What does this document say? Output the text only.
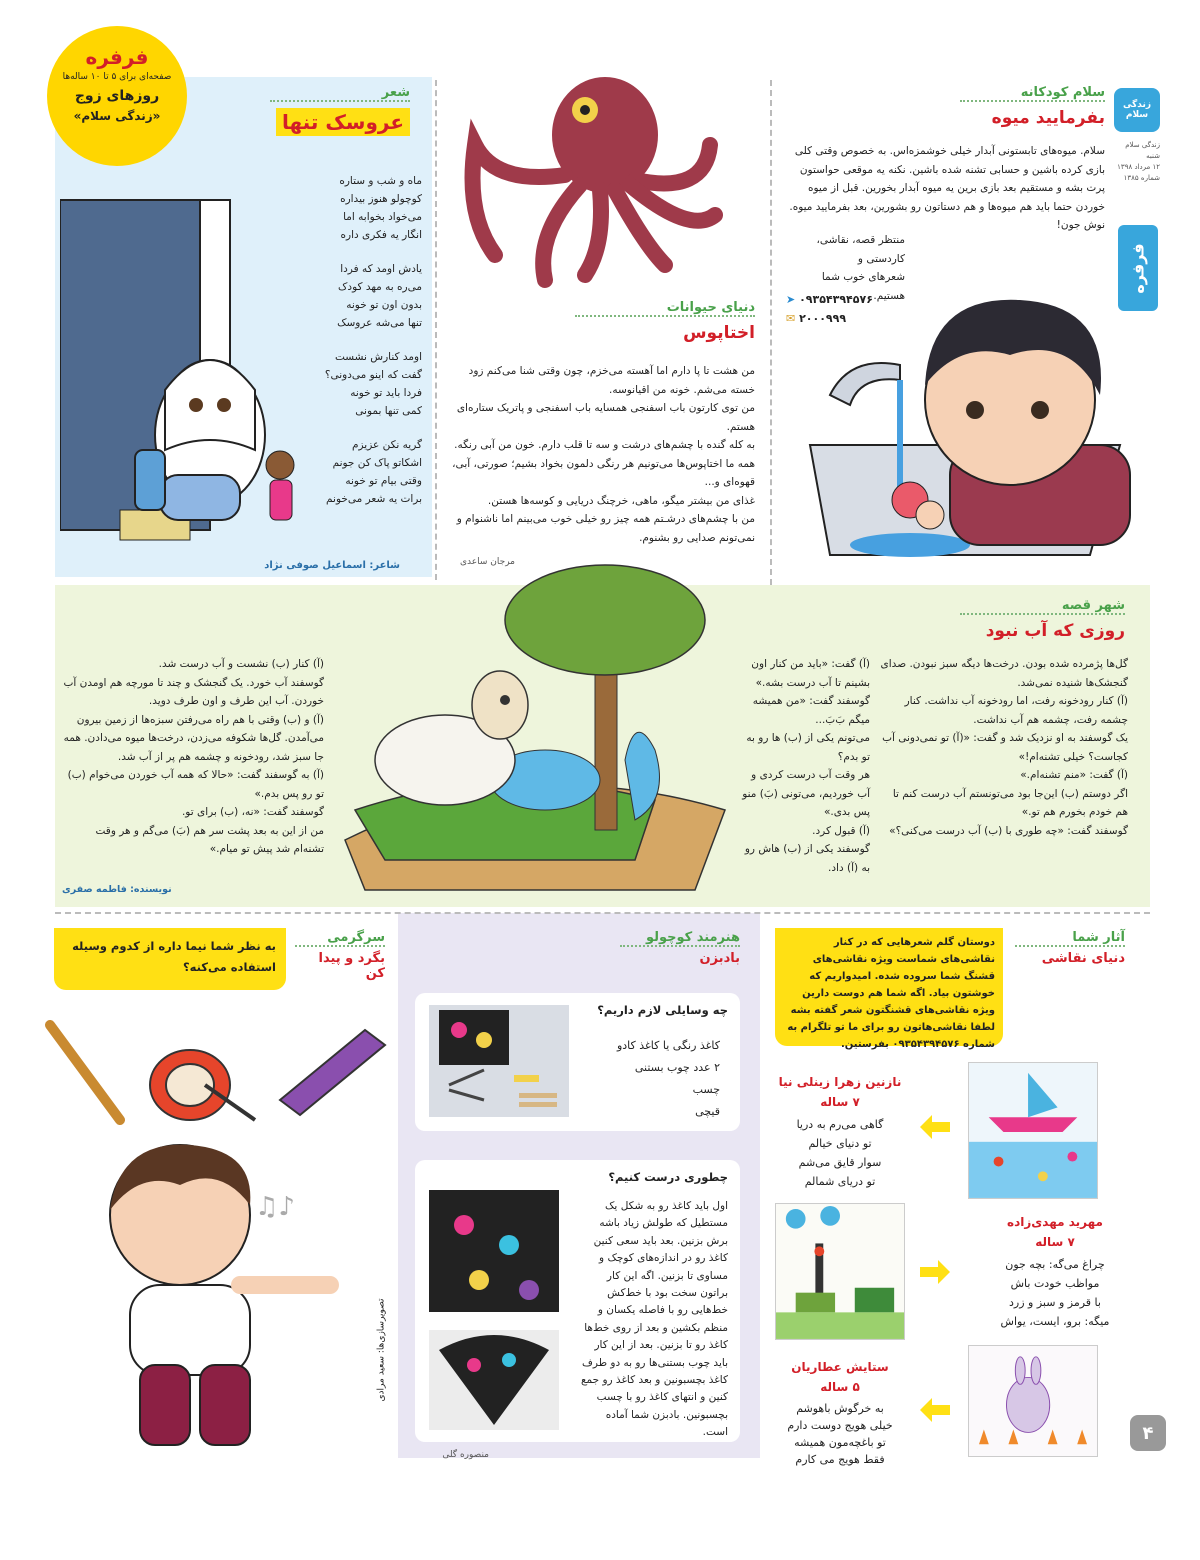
زندگی سلام
زندگی سلام
شنبه
۱۲ مرداد ۱۳۹۸
شماره ۱۳۸۵
فرفره
فرفره
صفحه‌ای برای ۵ تا ۱۰ ساله‌ها
روزهای زوج
«زندگی سلام»
شعر
عروسک تنها
ماه و شب و ستاره
کوچولو هنوز بیداره
می‌خواد بخوابه اما
انگار یه فکری داره
یادش اومد که فردا
می‌ره به مهد کودک
بدون اون تو خونه
تنها می‌شه عروسک
اومد کنارش نشست
گفت که اینو می‌دونی؟
فردا باید تو خونه
کمی تنها بمونی
گریه نکن عزیزم
اشکاتو پاک کن جونم
وقتی بیام تو خونه
برات یه شعر می‌خونم
شاعر: اسماعیل صوفی نژاد
دنیای حیوانات
اختاپوس
من هشت تا پا دارم اما آهسته می‌خزم، چون وقتی شنا می‌کنم زود خسته می‌شم. خونه من اقیانوسه.
من توی کارتون باب اسفنجی همسایه باب اسفنجی و پاتریک ستاره‌ای هستم.
به کله گنده با چشم‌های درشت و سه تا قلب دارم. خون من آبی رنگه. همه ما اختاپوس‌ها می‌تونیم هر رنگی دلمون بخواد بشیم؛ صورتی، آبی، قهوه‌ای و...
غذای من بیشتر میگو، ماهی، خرچنگ دریایی و کوسه‌ها هستن.
من با چشم‌های درشـتم همه چیز رو خیلی خوب می‌بینم اما ناشنوام و نمی‌تونم صدایی رو بشنوم.
مرجان ساعدی
سلام کودکانه
بفرمایید میوه
سلام. میوه‌های تابستونی آبدار خیلی خوشمزه‌اس. به خصوص وقتی کلی بازی کرده باشین و حسابی تشنه شده باشین. نکنه یه موقعی حواستون پرت بشه و مستقیم بعد بازی برین یه میوه آبدار بخورین. قبل از میوه خوردن حتما باید هم میوه‌ها و هم دستاتون رو بشورین، بعد بفرمایید میوه. نوش جون!
منتظر قصه، نقاشی، کاردستی و
شعرهای خوب شما
هستیم.
➤ ۰۹۳۵۴۳۹۴۵۷۶
✉ ۲۰۰۰۹۹۹
شهر قصه
روزی که آب نبود
گل‌ها پژمرده شده بودن. درخت‌ها دیگه سبز نبودن. صدای گنجشک‌ها شنیده نمی‌شد.
(آ) کنار رودخونه رفت، اما رودخونه آب نداشت. کنار چشمه رفت، چشمه هم آب نداشت.
یک گوسفند به او نزدیک شد و گفت: «(آ) تو نمی‌دونی آب کجاست؟ خیلی تشنه‌ام!»
(آ) گفت: «منم تشنه‌ام.»
اگر دوستم (ب) این‌جا بود می‌تونستم آب درست کنم تا هم خودم بخورم هم تو.»
گوسفند گفت: «چه طوری با (ب) آب درست می‌کنی؟»
(آ) گفت: «باید من کنار اون بشینم تا آب درست بشه.»
گوسفند گفت: «من همیشه میگم بَ‌بَ...
می‌تونم یکی از (ب) ها رو به تو بدم؟
هر وقت آب درست کردی و آب خوردیم، می‌تونی (بَ) منو پس بدی.»
(آ) قبول کرد.
گوسفند یکی از (ب) هاش رو به (آ) داد.
(آ) کنار (ب) نشست و آب درست شد.
گوسفند آب خورد. یک گنجشک و چند تا مورچه هم اومدن آب خوردن. آب این طرف و اون طرف دوید.
(آ) و (ب) وقتی با هم راه می‌رفتن سبزه‌ها از زمین بیرون می‌آمدن. گل‌ها شکوفه می‌زدن، درخت‌ها میوه می‌دادن. همه جا سبز شد، رودخونه و چشمه هم پر از آب شد.
(آ) به گوسفند گفت: «حالا که همه آب خوردن می‌خوام (ب) تو رو پس بدم.»
گوسفند گفت: «نه، (ب) برای تو.
من از این به بعد پشت سر هم (بَ) می‌گم و هر وقت تشنه‌ام شد پیش تو میام.»
نویسنده: فاطمه صفری
به نظر شما نیما داره از کدوم وسیله استفاده می‌کنه؟
سرگرمی
بگرد و پیدا کن
♪♫
تصویرسازی‌ها: سعید مرادی
هنرمند کوچولو
بادبزن
چه وسایلی لازم داریم؟
کاغذ رنگی یا کاغذ کادو
۲ عدد چوب بستنی
چسب
قیچی
چطوری درست کنیم؟
اول باید کاغذ رو به شکل یک مستطیل که طولش زیاد باشه برش بزنین. بعد باید سعی کنین کاغذ رو در اندازه‌های کوچک و مساوی تا بزنین. اگه این کار براتون سخت بود با خط‌کش خط‌هایی رو با فاصله یکسان و منظم بکشین و بعد از روی خط‌ها کاغذ رو تا بزنین. بعد از این کار باید چوب بستنی‌ها رو به دو طرف کاغذ بچسبونین و بعد کاغذ رو جمع کنین و انتهای کاغذ رو با چسب بچسبونین. بادبزن شما آماده است.
منصوره گلی
آثار شما
دنیای نقاشی
دوستان گلم شعرهایی که در کنار نقاشی‌های شماست ویژه نقاشی‌های قشنگ شما سروده شده. امیدواریم که خوشتون بیاد. اگه شما هم دوست دارین ویژه نقاشی‌های قشنگتون شعر گفته بشه لطفا نقاشی‌هاتون رو برای ما تو تلگرام به شماره ۰۹۳۵۴۳۹۴۵۷۶ بفرستین.
نازنین زهرا زینلی نیا
۷ ساله
گاهی می‌رم به دریا
تو دنیای خیالم
سوار قایق می‌شم
تو دریای شمالم
مهرید مهدی‌زاده
۷ ساله
چراغ می‌گه: بچه جون
مواظب خودت باش
با قرمز و سبز و زرد
میگه: برو، ایست، یواش
ستایش عطاریان
۵ ساله
به خرگوش باهوشم
خیلی هویج دوست دارم
تو باغچه‌مون همیشه
فقط هویج می کارم
۴
